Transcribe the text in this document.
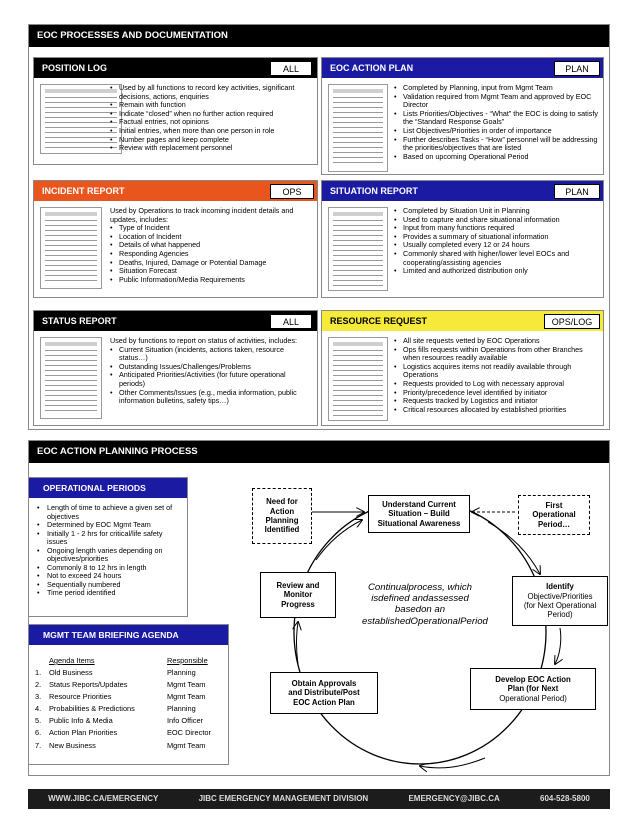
EOC PROCESSES AND DOCUMENTATION
POSITION LOG	ALL
• Used by all functions to record key activities, significant decisions, actions, enquiries
• Remain with function
• Indicate “closed” when no further action required
• Factual entries, not opinions
• Initial entries, when more than one person in role
• Number pages and keep complete
• Review with replacement personnel
EOC ACTION PLAN	PLAN
• Completed by Planning, input from Mgmt Team
• Validation required from Mgmt Team and approved by EOC Director
• Lists Priorities/Objectives - “What” the EOC is doing to satisfy the “Standard Response Goals”
• List Objectives/Priorities in order of importance
• Further describes Tasks - “How” personnel will be addressing the priorities/objectives that are listed
• Based on upcoming Operational Period
INCIDENT REPORT	OPS

Used by Operations to track incoming incident details and updates, includes:

• Type of Incident
• Location of Incident
• Details of what happened
• Responding Agencies
• Deaths, Injured, Damage or Potential Damage
• Situation Forecast
• Public Information/Media Requirements
SITUATION REPORT	PLAN
• Completed by Situation Unit in Planning
• Used to capture and share situational information
• Input from many functions required
• Provides a summary of situational information
• Usually completed every 12 or 24 hours
• Commonly shared with higher/lower level EOCs and cooperating/assisting agencies
• Limited and authorized distribution only
STATUS REPORT	ALL

Used by functions to report on status of activities, includes:

• Current Situation (incidents, actions taken, resource status…)
• Outstanding Issues/Challenges/Problems
• Anticipated Priorities/Activities (for future operational periods)
• Other Comments/Issues (e.g., media information, public information bulletins, safety tips…)
RESOURCE REQUEST	OPS/LOG
• All site requests vetted by EOC Operations
• Ops fills requests within Operations from other Branches when resources readily available
• Logistics acquires items not readily available through Operations
• Requests provided to Log with necessary approval
• Priority/precedence level identified by initiator
• Requests tracked by Logistics and initiator
• Critical resources allocated by established priorities
EOC ACTION PLANNING PROCESS
OPERATIONAL PERIODS
• Length of time to achieve a given set of objectives
• Determined by EOC Mgmt Team
• Initially 1 - 2 hrs for critical/life safety issues
• Ongoing length varies depending on objectives/priorities
• Commonly 8 to 12 hrs in length
• Not to exceed 24 hours
• Sequentially numbered
• Time period identified
MGMT TEAM BRIEFING AGENDA
Agenda Items	Responsible
1. Old Business	Planning
2. Status Reports/Updates	Mgmt Team
3. Resource Priorities	Mgmt Team
4. Probabilities & Predictions	Planning
5. Public Info & Media	Info Officer
6. Action Plan Priorities	EOC Director
7. New Business	Mgmt Team
Need for
Action
Planning
Identified
Understand Current
Situation – Build
Situational Awareness
First
Operational
Period…
Identify
Objective/Priorities
(for Next Operational
Period)
Develop EOC Action
Plan (for Next
Operational Period)
Obtain Approvals
and Distribute/Post
EOC Action Plan
Review and
Monitor
Progress
Continualprocess, which isdefined andassessed basedon an establishedOperationalPeriod
WWW.JIBC.CA/EMERGENCY	JIBC EMERGENCY MANAGEMENT DIVISION	EMERGENCY@JIBC.CA	604-528-5800
